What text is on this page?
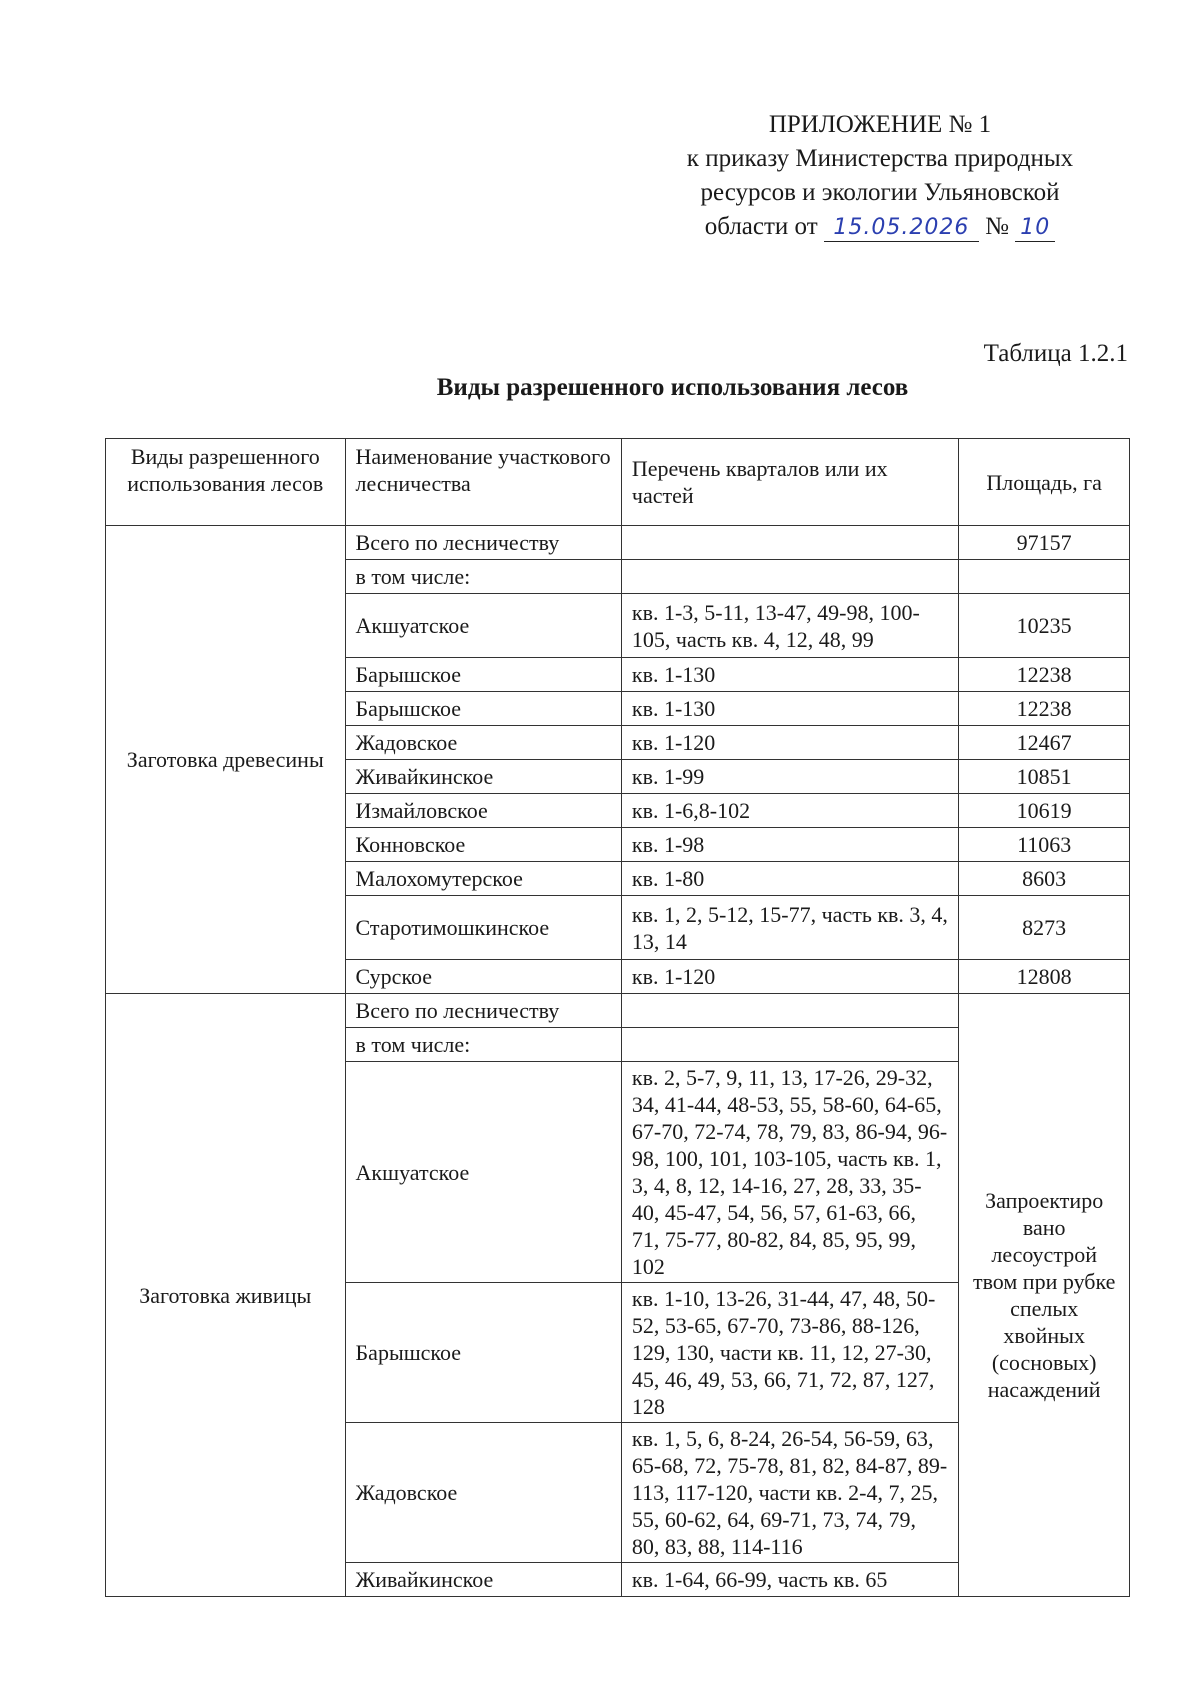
ПРИЛОЖЕНИЕ № 1
к приказу Министерства природных
ресурсов и экологии Ульяновской
области от 15.05.2026 № 10
Таблица 1.2.1
Виды разрешенного использования лесов
Виды разрешенного использования лесов	Наименование участкового лесничества	Перечень кварталов или их частей	Площадь, га
Заготовка древесины	Всего по лесничеству		97157
	в том числе:		
	Акшуатское	кв. 1-3, 5-11, 13-47, 49-98, 100-105, часть кв. 4, 12, 48, 99	10235
	Барышское	кв. 1-130	12238
	Барышское	кв. 1-130	12238
	Жадовское	кв. 1-120	12467
	Живайкинское	кв. 1-99	10851
	Измайловское	кв. 1-6,8-102	10619
	Конновское	кв. 1-98	11063
	Малохомутерское	кв. 1-80	8603
	Старотимошкинское	кв. 1, 2, 5-12, 15-77, часть кв. 3, 4, 13, 14	8273
	Сурское	кв. 1-120	12808
Заготовка живицы	Всего по лесничеству		Запроектиро вано лесоустрой твом при рубке спелых хвойных (сосновых) насаждений
	в том числе:		
	Акшуатское	кв. 2, 5-7, 9, 11, 13, 17-26, 29-32, 34, 41-44, 48-53, 55, 58-60, 64-65, 67-70, 72-74, 78, 79, 83, 86-94, 96-98, 100, 101, 103-105, часть кв. 1, 3, 4, 8, 12, 14-16, 27, 28, 33, 35-40, 45-47, 54, 56, 57, 61-63, 66, 71, 75-77, 80-82, 84, 85, 95, 99, 102	
	Барышское	кв. 1-10, 13-26, 31-44, 47, 48, 50-52, 53-65, 67-70, 73-86, 88-126, 129, 130, части кв. 11, 12, 27-30, 45, 46, 49, 53, 66, 71, 72, 87, 127, 128	
	Жадовское	кв. 1, 5, 6, 8-24, 26-54, 56-59, 63, 65-68, 72, 75-78, 81, 82, 84-87, 89-113, 117-120, части кв. 2-4, 7, 25, 55, 60-62, 64, 69-71, 73, 74, 79, 80, 83, 88, 114-116	
	Живайкинское	кв. 1-64, 66-99, часть кв. 65	
